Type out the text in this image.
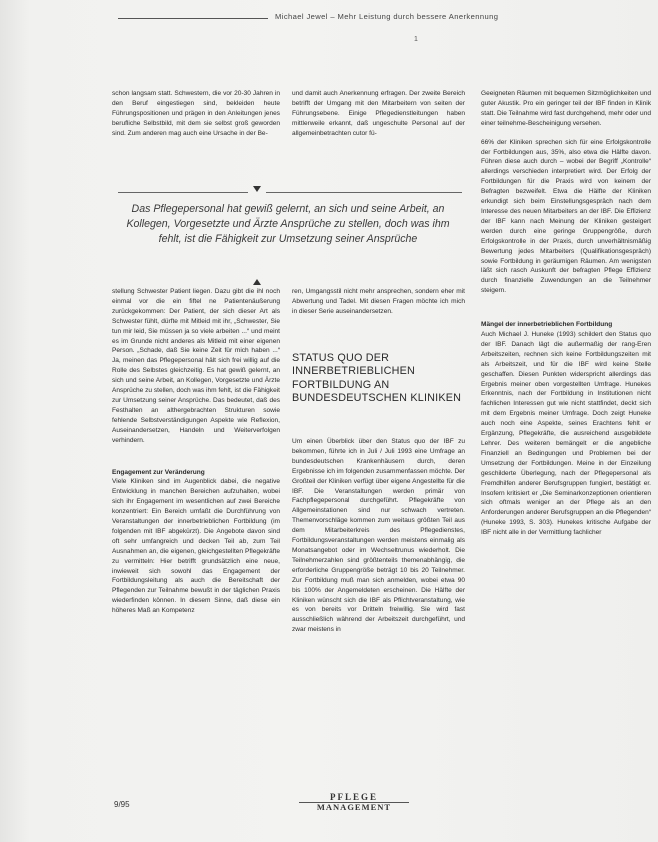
Michael Jewel – Mehr Leistung durch bessere Anerkennung
1

schon langsam statt. Schwestern, die vor 20-30 Jahren in den Beruf eingestiegen sind, bekleiden heute Führungspositionen und prägen in den Anleitungen jenes berufliche Selbstbild, mit dem sie selbst groß geworden sind. Zum anderen mag auch eine Ursache in der Be-

und damit auch Anerkennung erfragen. Der zweite Bereich betrifft der Umgang mit den Mitarbeitern von seiten der Führungsebene. Einige Pflegedienstleitungen haben mittlerweile erkannt, daß ungeschulte Personal auf der allgemeinbetrachten cutor fü-

Das Pflegepersonal hat gewiß gelernt, an sich und seine Arbeit, an Kollegen, Vorgesetzte und Ärzte Ansprüche zu stellen, doch was ihm fehlt, ist die Fähigkeit zur Umsetzung seiner Ansprüche

stellung Schwester Patient liegen. Dazu gibt die ihl noch einmal vor die ein fiftel ne Patientenäußerung zurückgekommen: Der Patient, der sich dieser Art als Schwester fühlt, dürfte mit Mitleid mit ihr, „Schwester, Sie tun mir leid, Sie müssen ja so viele arbeiten ...“ und meint es im Grunde nicht anderes als Mitleid mit einer eigenen Person. „Schade, daß Sie keine Zeit für mich haben ...“ Ja, meinen das Pflegepersonal hält sich frei willig auf die Rolle des Selbstes gleichzeitig. Es hat gewiß gelernt, an sich und seine Arbeit, an Kollegen, Vorgesetzte und Ärzte Ansprüche zu stellen, doch was ihm fehlt, ist die Fähigkeit zur Umsetzung seiner Ansprüche. Das bedeutet, daß des Festhalten an althergebrachten Strukturen sowie fehlende Selbstverständigungen Aspekte wie Reflexion, Auseinandersetzen, Handeln und Weiterverfolgen verhindern.

Engagement zur Veränderung

Viele Kliniken sind im Augenblick dabei, die negative Entwicklung in manchen Bereichen aufzuhalten, wobei sich ihr Engagement im wesentlichen auf zwei Bereiche konzentriert: Ein Bereich umfaßt die Durchführung von Veranstaltungen der innerbetrieblichen Fortbildung (im folgenden mit IBF abgekürzt). Die Angebote davon sind oft sehr umfangreich und decken Teil ab, zum Teil Ausnahmen an, die eigenen, gleichgestellten Pflegekräfte zu vermitteln: Hier betrifft grundsätzlich eine neue, inwieweit sich sowohl das Engagement der Fortbildungsleitung als auch die Bereitschaft der Pflegenden zur Teilnahme bewußt in der täglichen Praxis wiederfinden können. In diesem Sinne, daß diese ein höheres Maß an Kompetenz

ren, Umgangsstil nicht mehr ansprechen, sondern eher mit Abwertung und Tadel. Mit diesen Fragen möchte ich mich in dieser Serie auseinandersetzen.

STATUS QUO DER INNERBETRIEBLICHEN FORTBILDUNG AN BUNDESDEUTSCHEN KLINIKEN

Um einen Überblick über den Status quo der IBF zu bekommen, führte ich in Juli / Juli 1993 eine Umfrage an bundesdeutschen Krankenhäusern durch, deren Ergebnisse ich im folgenden zusammenfassen möchte. Der Großteil der Kliniken verfügt über eigene Angestellte für die IBF. Die Veranstaltungen werden primär von Fachpflegepersonal durchgeführt. Pflegekräfte von Allgemeinstationen sind nur schwach vertreten. Themenvorschläge kommen zum weitaus größten Teil aus dem Mitarbeiterkreis des Pflegedienstes, Fortbildungsveranstaltungen werden meistens einmalig als Monatsangebot oder im Wechseltrunus wiederholt. Die Teilnehmerzahlen sind größtenteils themenabhängig, die erforderliche Gruppengröße beträgt 10 bis 20 Teilnehmer. Zur Fortbildung muß man sich anmelden, wobei etwa 90 bis 100% der Angemeldeten erscheinen. Die Hälfte der Kliniken wünscht sich die IBF als Pflichtveranstaltung, wie es von bereits vor Dritteln freiwillig. Sie wird fast ausschließlich während der Arbeitszeit durchgeführt, und zwar meistens in

Geeigneten Räumen mit bequemen Sitzmöglichkeiten und guter Akustik. Pro ein geringer teil der IBF finden in Klinik statt. Die Teilnahme wird fast durchgehend, mehr oder und einer teilnehme-Bescheinigung versehen.

66% der Kliniken sprechen sich für eine Erfolgskontrolle der Fortbildungen aus, 35%, also etwa die Hälfte davon. Führen diese auch durch – wobei der Begriff „Kontrolle“ allerdings verschieden interpretiert wird. Der Erfolg der Fortbildungen für die Praxis wird von keinem der Befragten bezweifelt. Etwa die Hälfte der Kliniken erkundigt sich beim Einstellungsgespräch nach dem Interesse des neuen Mitarbeiters an der IBF. Die Effizienz der IBF kann nach Meinung der Kliniken gesteigert werden durch eine geringe Gruppengröße, durch Erfolgskontrolle in der Praxis, durch unverhältnismäßig Bewertung jedes Mitarbeiters (Qualifikationsgespräch) sowie Fortbildung in geräumigen Räumen. Am wenigsten läßt sich rasch Auskunft der befragten Pflege Effizienz durch finanzielle Zuwendungen an die Teilnehmer steigern.

Mängel der innerbetrieblichen Fortbildung

Auch Michael J. Huneke (1993) schildert den Status quo der IBF. Danach lägt die außermaßig der rang-Eren Arbeitszeiten, rechnen sich keine Fortbildungszeiten mit als Arbeitszeit, und für die IBF wird keine Stelle geschaffen. Diesen Punkten widerspricht allerdings das Ergebnis meiner oben vorgestellten Umfrage. Hunekes Erkenntnis, nach der Fortbildung in Institutionen nicht fachlichen Interessen gut wie nicht stattfindet, deckt sich mit dem Ergebnis meiner Umfrage. Doch zeigt Huneke auch noch eine Aspekte, seines Erachtens fehlt er Ergänzung, Pflegekräfte, die ausreichend ausgebildete Lehrer. Des weiteren bemängelt er die angebliche Finanziell an Bedingungen und Problemen bei der Umsetzung der Fortbildungen. Meine in der Einzeilung geschilderte Überlegung, nach der Pflegepersonal als Fremdhilfen anderer Berufsgruppen fungiert, bestätigt er. Insofern kritisiert er „Die Seminarkonzeptionen orientieren sich oftmals weniger an der Pflege als an den Anforderungen anderer Berufsgruppen an die Pflegenden“ (Huneke 1993, S. 303). Hunekes kritische Aufgabe der IBF nicht alle in der Vermittlung fachlicher

9/95
PFLEGE
MANAGEMENT
